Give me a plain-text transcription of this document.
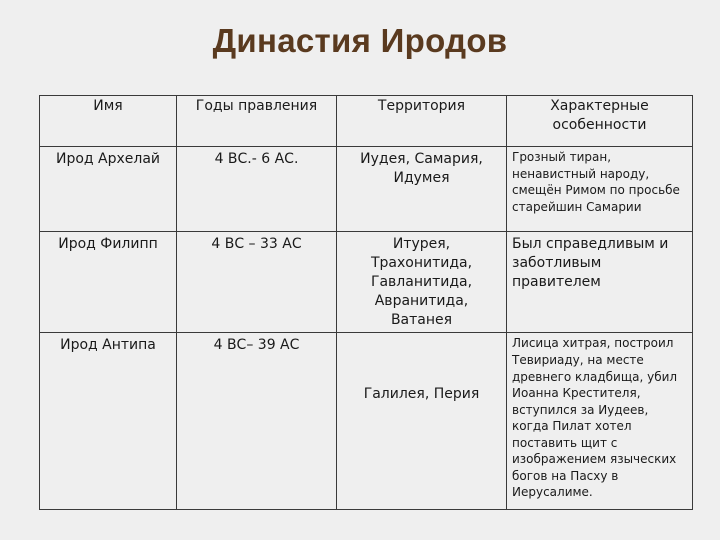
Династия Иродов
Имя	Годы правления	Территория	Характерные особенности
Ирод Архелай	4 ВС.- 6 АС.	Иудея, Самария, Идумея	Грозный тиран, ненавистный народу, смещён Римом по просьбе старейшин Самарии
Ирод Филипп	4 ВС – 33 АС	Итурея, Трахонитида, Гавланитида, Авранитида, Ватанея	Был справедливым и заботливым правителем
Ирод Антипа	4 ВС– 39 АС	Галилея, Перия	Лисица хитрая, построил Тевириаду, на месте древнего кладбища, убил Иоанна Крестителя, вступился за Иудеев, когда Пилат хотел поставить щит с изображением языческих богов на Пасху в Иерусалиме.
